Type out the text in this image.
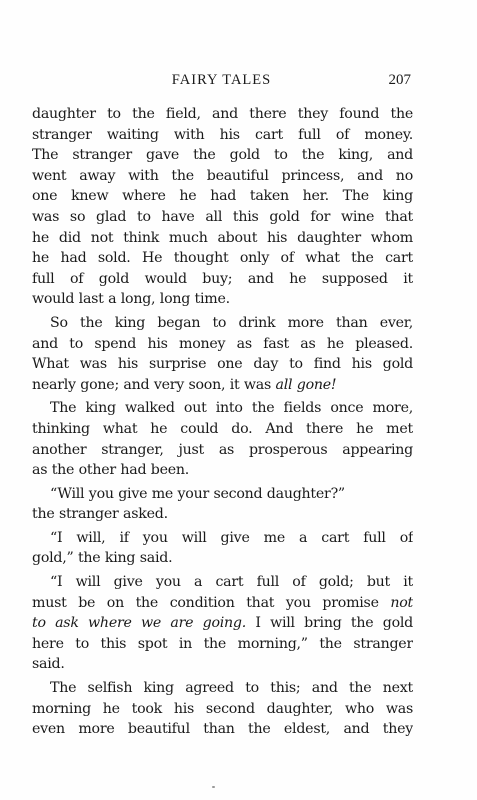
FAIRY TALES	207
daughter to the field, and there they found the
stranger waiting with his cart full of money.
The stranger gave the gold to the king, and
went away with the beautiful princess, and no
one knew where he had taken her. The king
was so glad to have all this gold for wine that
he did not think much about his daughter whom
he had sold. He thought only of what the cart
full of gold would buy; and he supposed it
would last a long, long time.
So the king began to drink more than ever,
and to spend his money as fast as he pleased.
What was his surprise one day to find his gold
nearly gone; and very soon, it was all gone!
The king walked out into the fields once more,
thinking what he could do. And there he met
another stranger, just as prosperous appearing
as the other had been.
“Will you give me your second daughter?”
the stranger asked.
“I will, if you will give me a cart full of
gold,” the king said.
“I will give you a cart full of gold; but it
must be on the condition that you promise not
to ask where we are going. I will bring the gold
here to this spot in the morning,” the stranger
said.
The selfish king agreed to this; and the next
morning he took his second daughter, who was
even more beautiful than the eldest, and they
